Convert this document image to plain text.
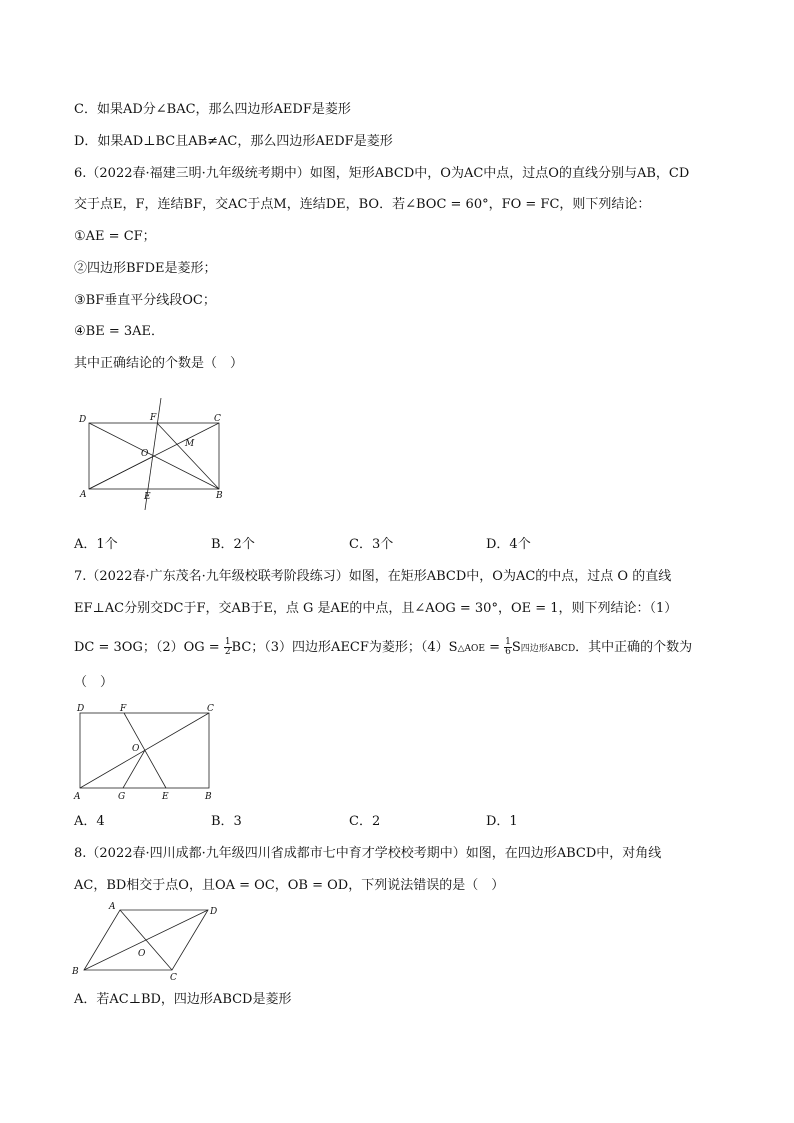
C．如果AD分∠BAC，那么四边形AEDF是菱形
D．如果AD⊥BC且AB≠AC，那么四边形AEDF是菱形
6.（2022春·福建三明·九年级统考期中）如图，矩形ABCD中，O为AC中点，过点O的直线分别与AB，CD
交于点E，F，连结BF，交AC于点M，连结DE，BO．若∠BOC = 60°，FO = FC，则下列结论：
①AE = CF；
②四边形BFDE是菱形；
③BF垂直平分线段OC；
④BE = 3AE．
其中正确结论的个数是（　）
D	F	C
M
O
A	E	B
A．1个	B．2个	C．3个	D．4个
7.（2022春·广东茂名·九年级校联考阶段练习）如图，在矩形ABCD中，O为AC的中点，过点 O 的直线
EF⊥AC分别交DC于F，交AB于E，点 G 是AE的中点，且∠AOG = 30°，OE = 1，则下列结论：（1）
DC = 3OG；$(2)OG = \frac{1}{2}$ BC；（3）四边形AECF为菱形；（4）S△AOE = $\frac{1}{6}$ S四边形ABCD．其中正确的个数为
（　）
D	F	C
O
A	G	E	B
A．4	B．3	C．2	D．1
8.（2022春·四川成都·九年级四川省成都市七中育才学校校考期中）如图，在四边形ABCD中，对角线
AC，BD相交于点O，且OA = OC，OB = OD，下列说法错误的是（　）
A	D
O
B
C
A．若AC⊥BD，四边形ABCD是菱形
